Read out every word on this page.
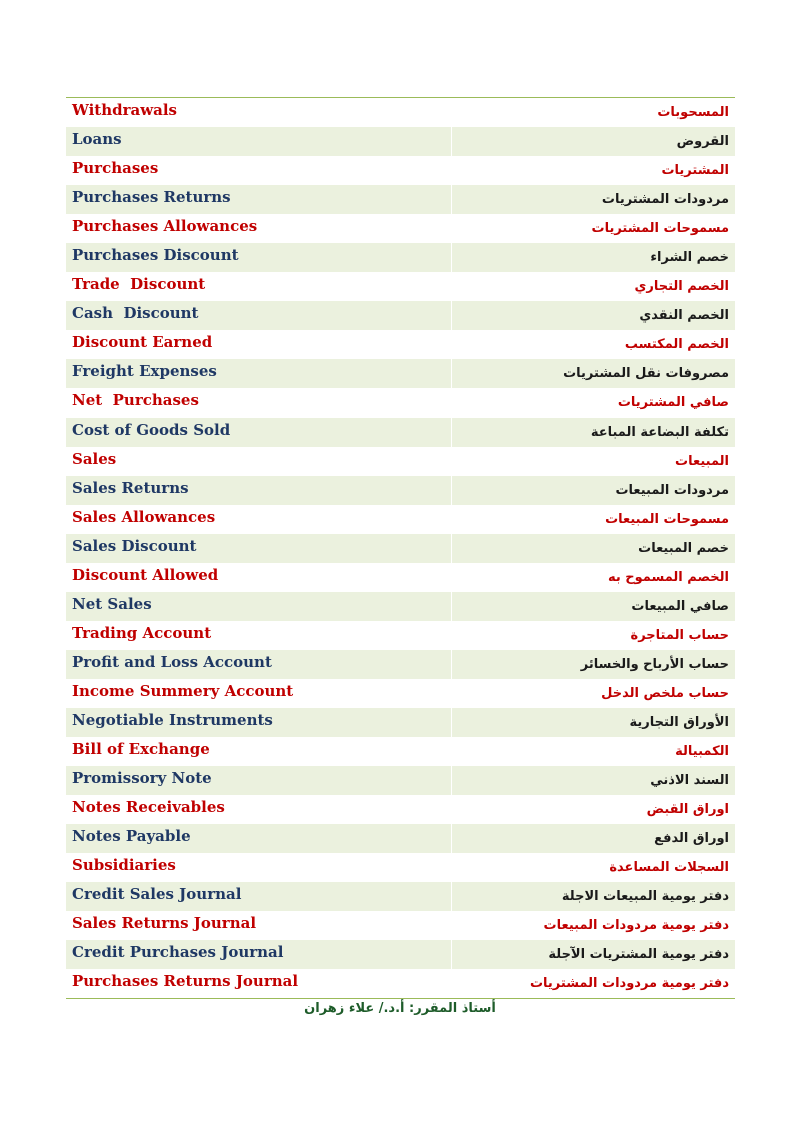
Withdrawals	المسحوبات
Loans	القروض
Purchases	المشتريات
Purchases Returns	مردودات المشتريات
Purchases Allowances	مسموحات المشتريات
Purchases Discount	خصم الشراء
Trade  Discount	الخصم التجاري
Cash  Discount	الخصم النقدي
Discount Earned	الخصم المكتسب
Freight Expenses	مصروفات نقل المشتريات
Net  Purchases	صافي المشتريات
Cost of Goods Sold	تكلفة البضاعة المباعة
Sales	المبيعات
Sales Returns	مردودات المبيعات
Sales Allowances	مسموحات المبيعات
Sales Discount	خصم المبيعات
Discount Allowed	الخصم المسموح به
Net Sales	صافي المبيعات
Trading Account	حساب المتاجرة
Profit and Loss Account	حساب الأرباح والخسائر
Income Summery Account	حساب ملخص الدخل
Negotiable Instruments	الأوراق التجارية
Bill of Exchange	الكمبيالة
Promissory Note	السند الاذني
Notes Receivables	اوراق القبض
Notes Payable	اوراق الدفع
Subsidiaries	السجلات المساعدة
Credit Sales Journal	دفتر يومية المبيعات الاجلة
Sales Returns Journal	دفتر يومية مردودات المبيعات
Credit Purchases Journal	دفتر يومية المشتريات الآجلة
Purchases Returns Journal	دفتر يومية مردودات المشتريات
أستاذ المقرر: أ.د./ علاء زهران
